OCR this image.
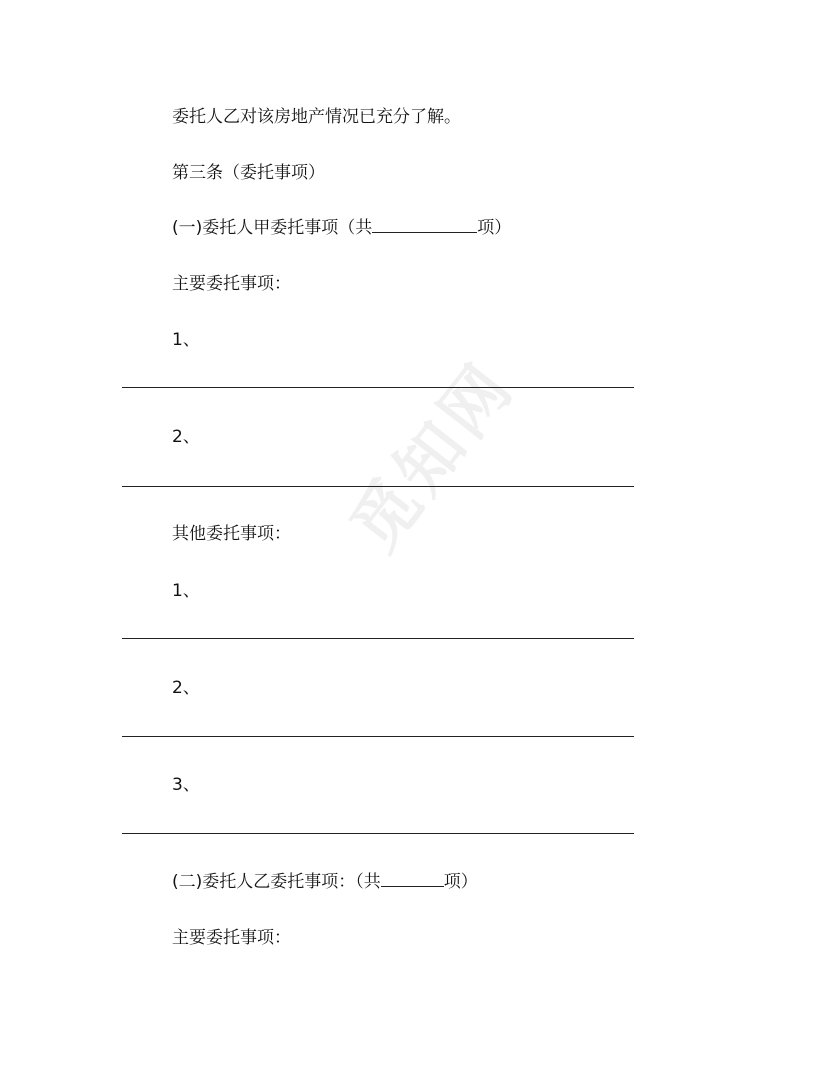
觅知网

委托人乙对该房地产情况已充分了解。

第三条（委托事项）

(一)委托人甲委托事项（共	项）

主要委托事项：

1、

2、

其他委托事项：

1、

2、

3、

(二)委托人乙委托事项：（共	项）

主要委托事项：
